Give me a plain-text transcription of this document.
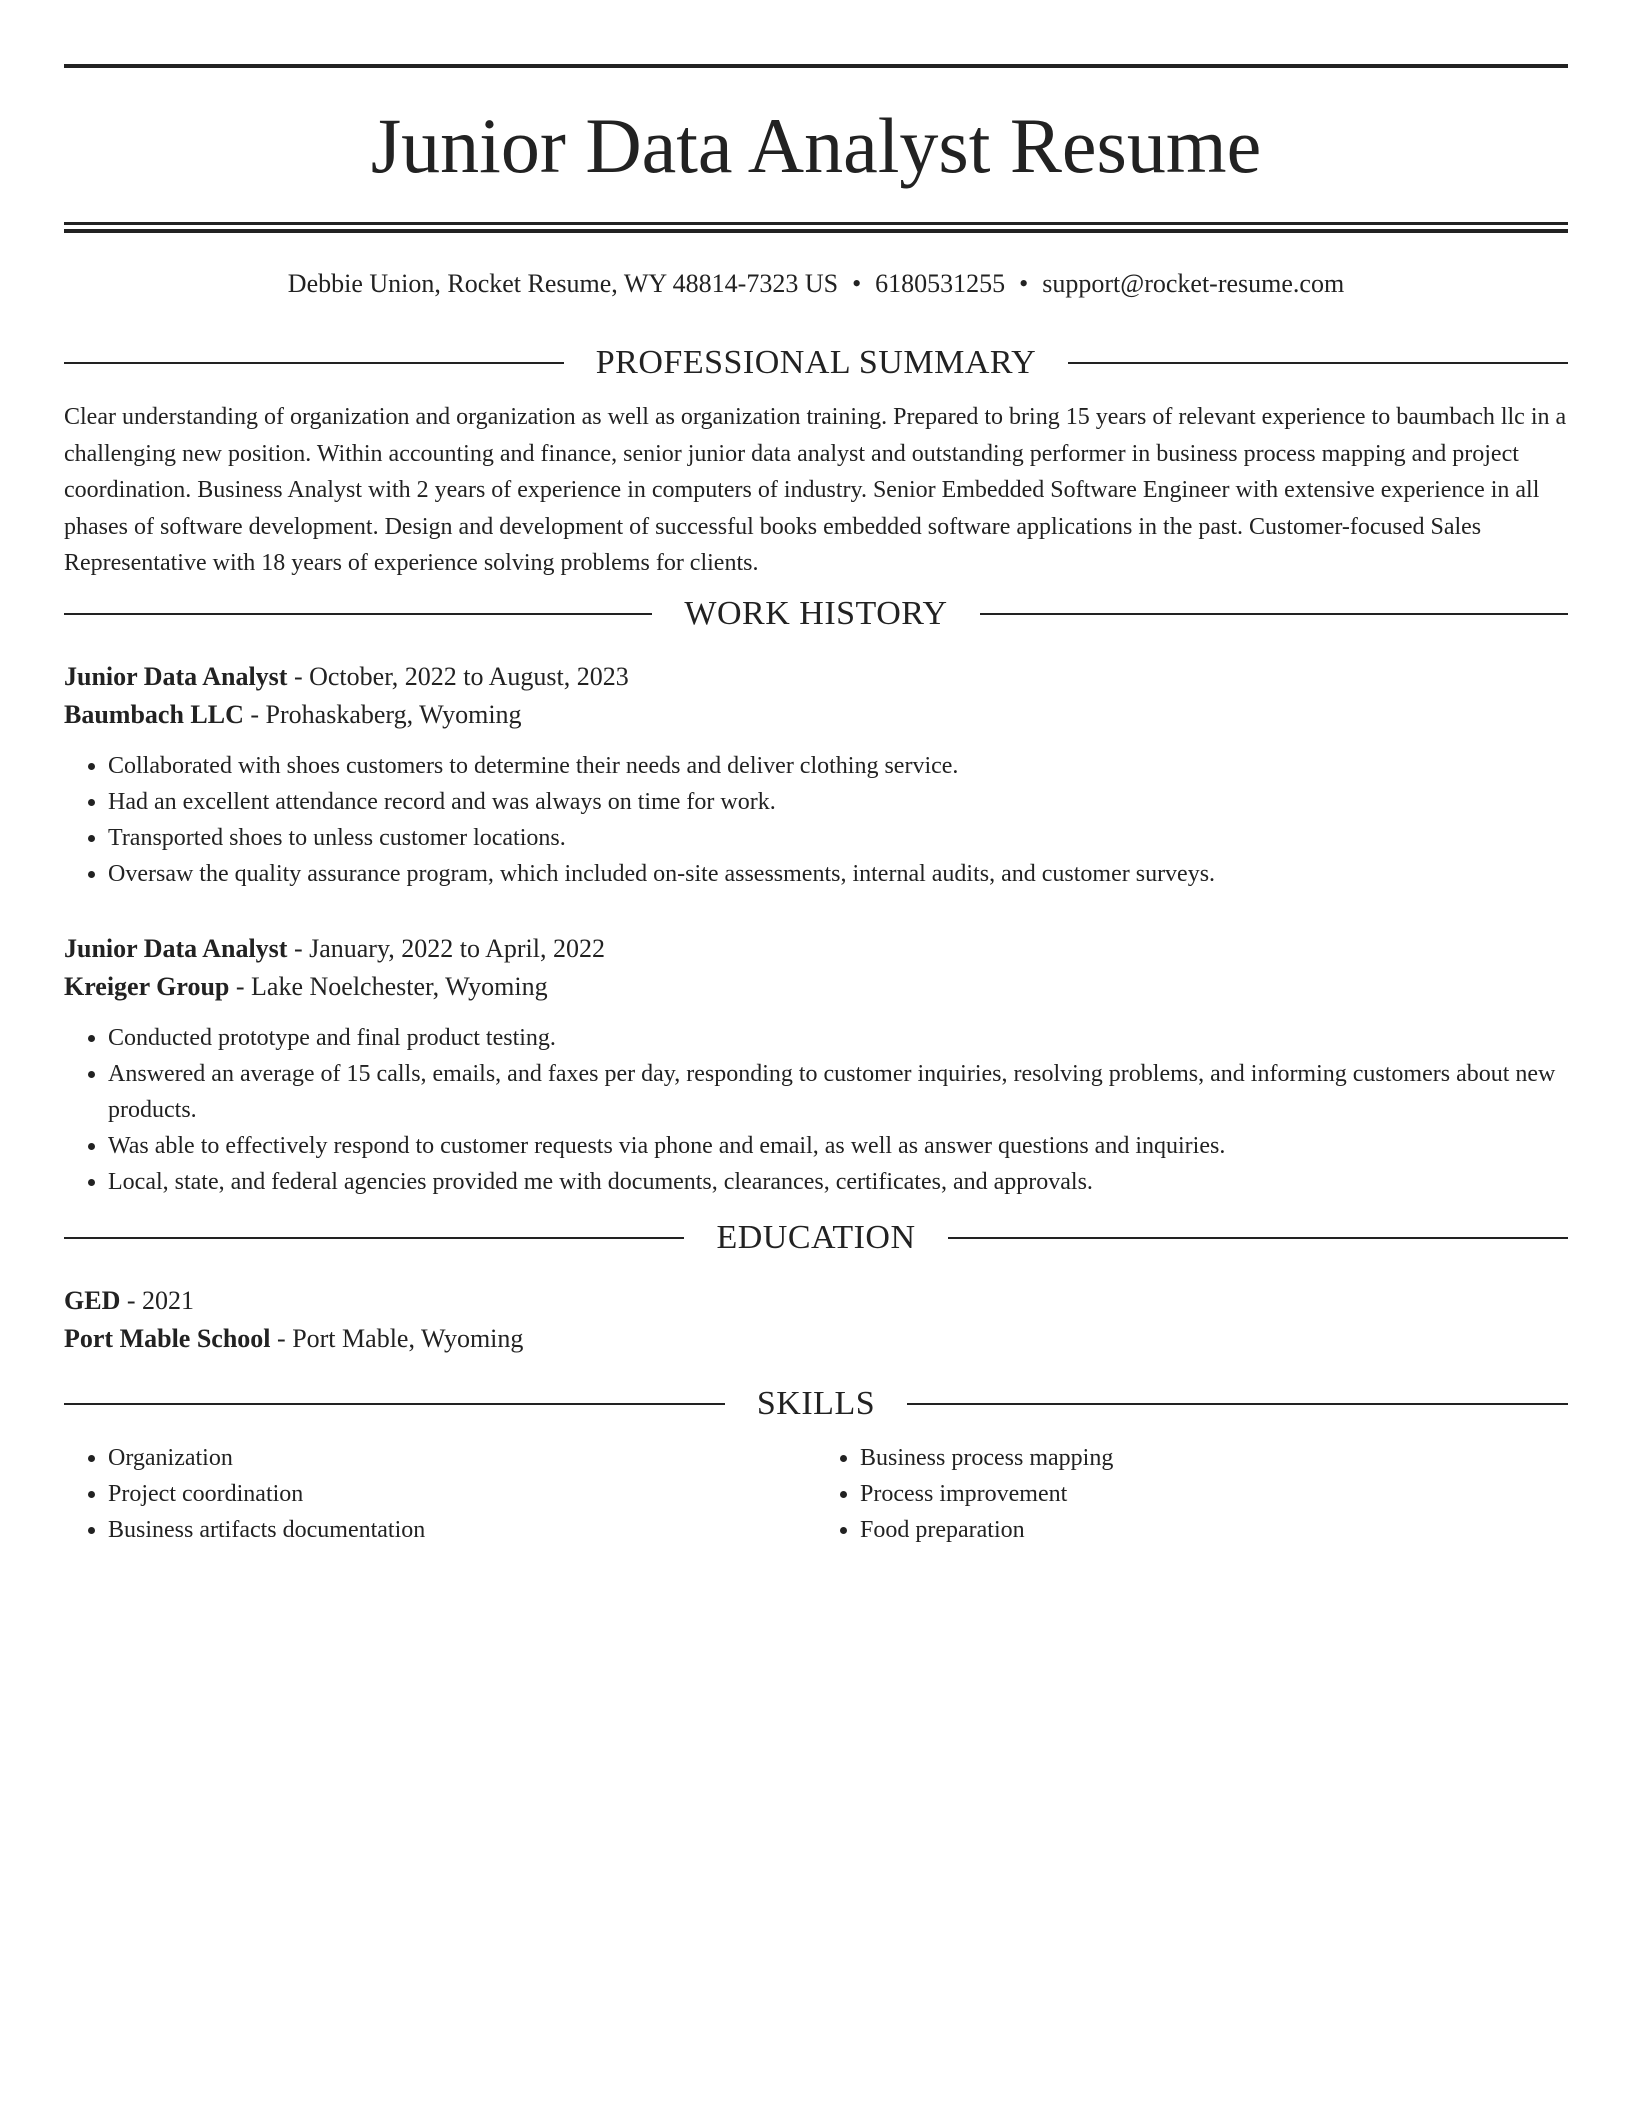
Junior Data Analyst Resume
Debbie Union, Rocket Resume, WY 48814-7323 US • 6180531255 • support@rocket-resume.com
PROFESSIONAL SUMMARY

Clear understanding of organization and organization as well as organization training. Prepared to bring 15 years of relevant experience to baumbach llc in a challenging new position. Within accounting and finance, senior junior data analyst and outstanding performer in business process mapping and project coordination. Business Analyst with 2 years of experience in computers of industry. Senior Embedded Software Engineer with extensive experience in all phases of software development. Design and development of successful books embedded software applications in the past. Customer-focused Sales Representative with 18 years of experience solving problems for clients.

WORK HISTORY
Junior Data Analyst - October, 2022 to August, 2023
Baumbach LLC - Prohaskaberg, Wyoming
• Collaborated with shoes customers to determine their needs and deliver clothing service.
• Had an excellent attendance record and was always on time for work.
• Transported shoes to unless customer locations.
• Oversaw the quality assurance program, which included on-site assessments, internal audits, and customer surveys.
Junior Data Analyst - January, 2022 to April, 2022
Kreiger Group - Lake Noelchester, Wyoming
• Conducted prototype and final product testing.
• Answered an average of 15 calls, emails, and faxes per day, responding to customer inquiries, resolving problems, and informing customers about new products.
• Was able to effectively respond to customer requests via phone and email, as well as answer questions and inquiries.
• Local, state, and federal agencies provided me with documents, clearances, certificates, and approvals.
EDUCATION
GED - 2021
Port Mable School - Port Mable, Wyoming
SKILLS
• Organization
• Project coordination
• Business artifacts documentation
• Business process mapping
• Process improvement
• Food preparation
